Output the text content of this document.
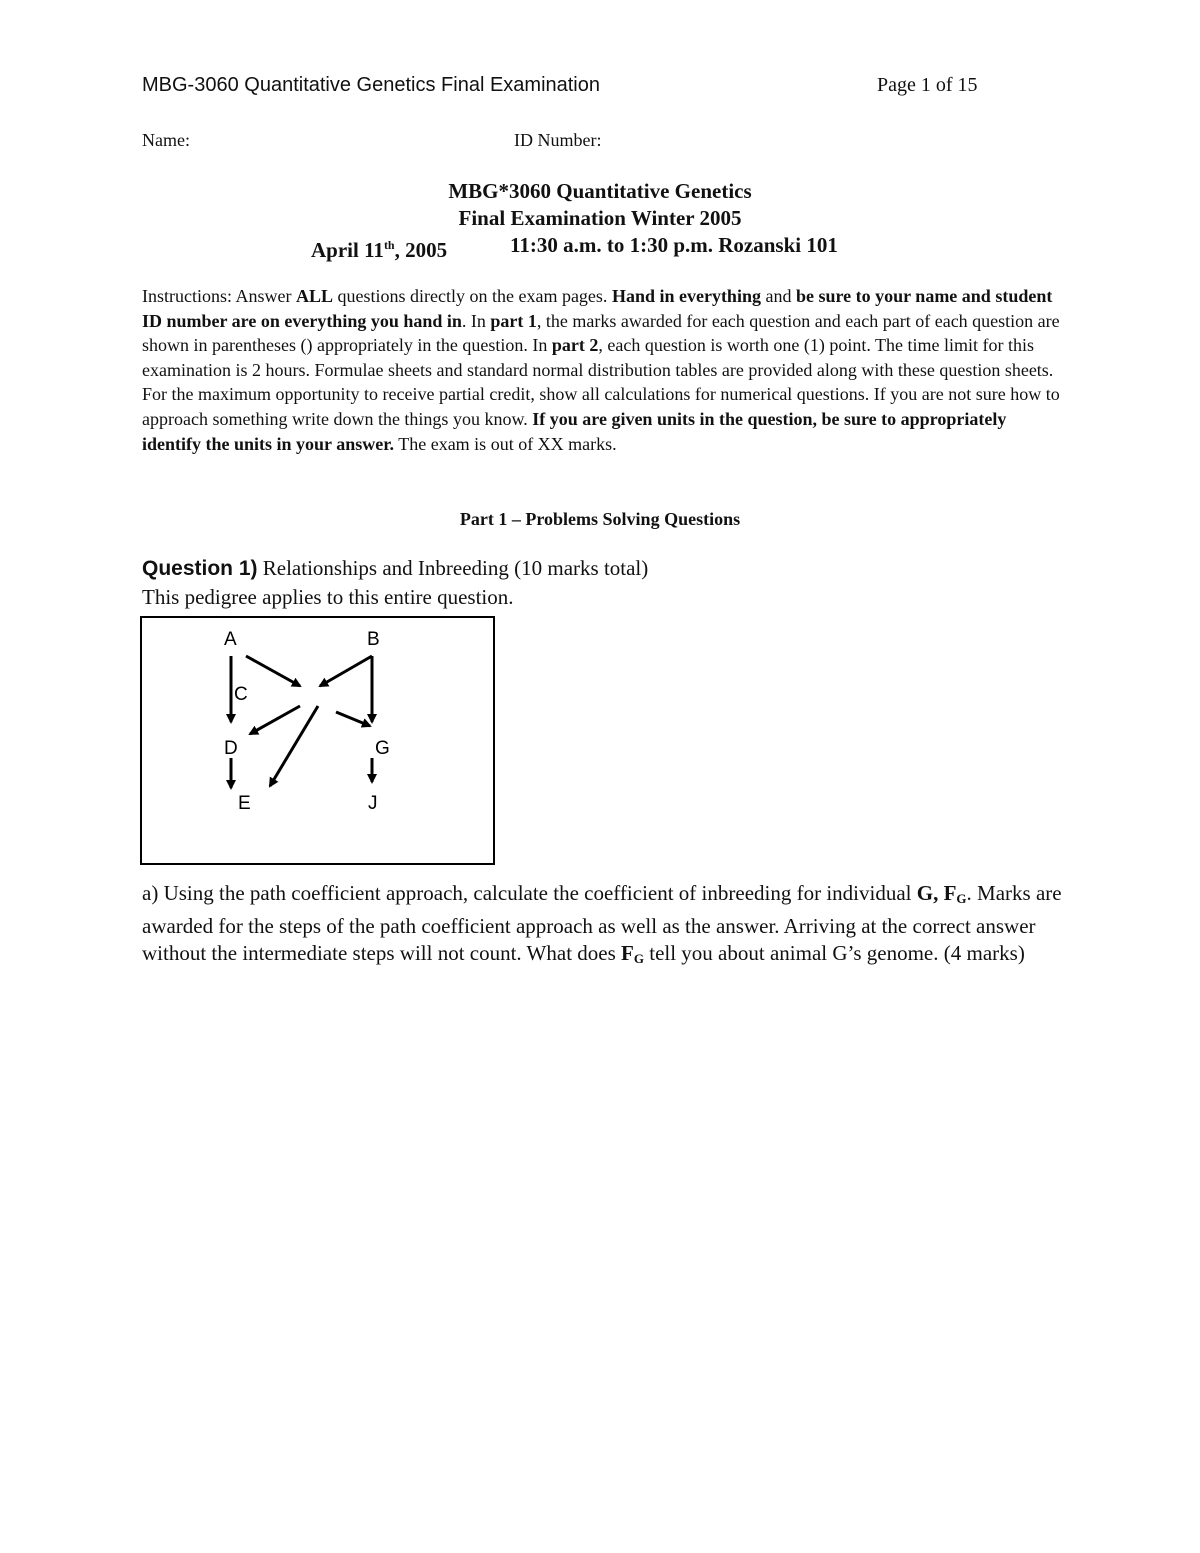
MBG-3060 Quantitative Genetics Final Examination	Page 1 of 15
Name:	ID Number:
MBG*3060 Quantitative Genetics
Final Examination Winter 2005
April 11th, 2005	11:30 a.m. to 1:30 p.m. Rozanski 101
Instructions: Answer ALL questions directly on the exam pages. Hand in everything and be sure to your name and student ID number are on everything you hand in. In part 1, the marks awarded for each question and each part of each question are shown in parentheses () appropriately in the question. In part 2, each question is worth one (1) point. The time limit for this examination is 2 hours. Formulae sheets and standard normal distribution tables are provided along with these question sheets. For the maximum opportunity to receive partial credit, show all calculations for numerical questions. If you are not sure how to approach something write down the things you know. If you are given units in the question, be sure to appropriately identify the units in your answer. The exam is out of XX marks.
Part 1 – Problems Solving Questions
Question 1) Relationships and Inbreeding (10 marks total)
This pedigree applies to this entire question.
A	B
C
D	G
E	J
a) Using the path coefficient approach, calculate the coefficient of inbreeding for individual G, $F_G$. Marks are awarded for the steps of the path coefficient approach as well as the answer. Arriving at the correct answer without the intermediate steps will not count. What does $F_G$ tell you about animal G’s genome. (4 marks)
